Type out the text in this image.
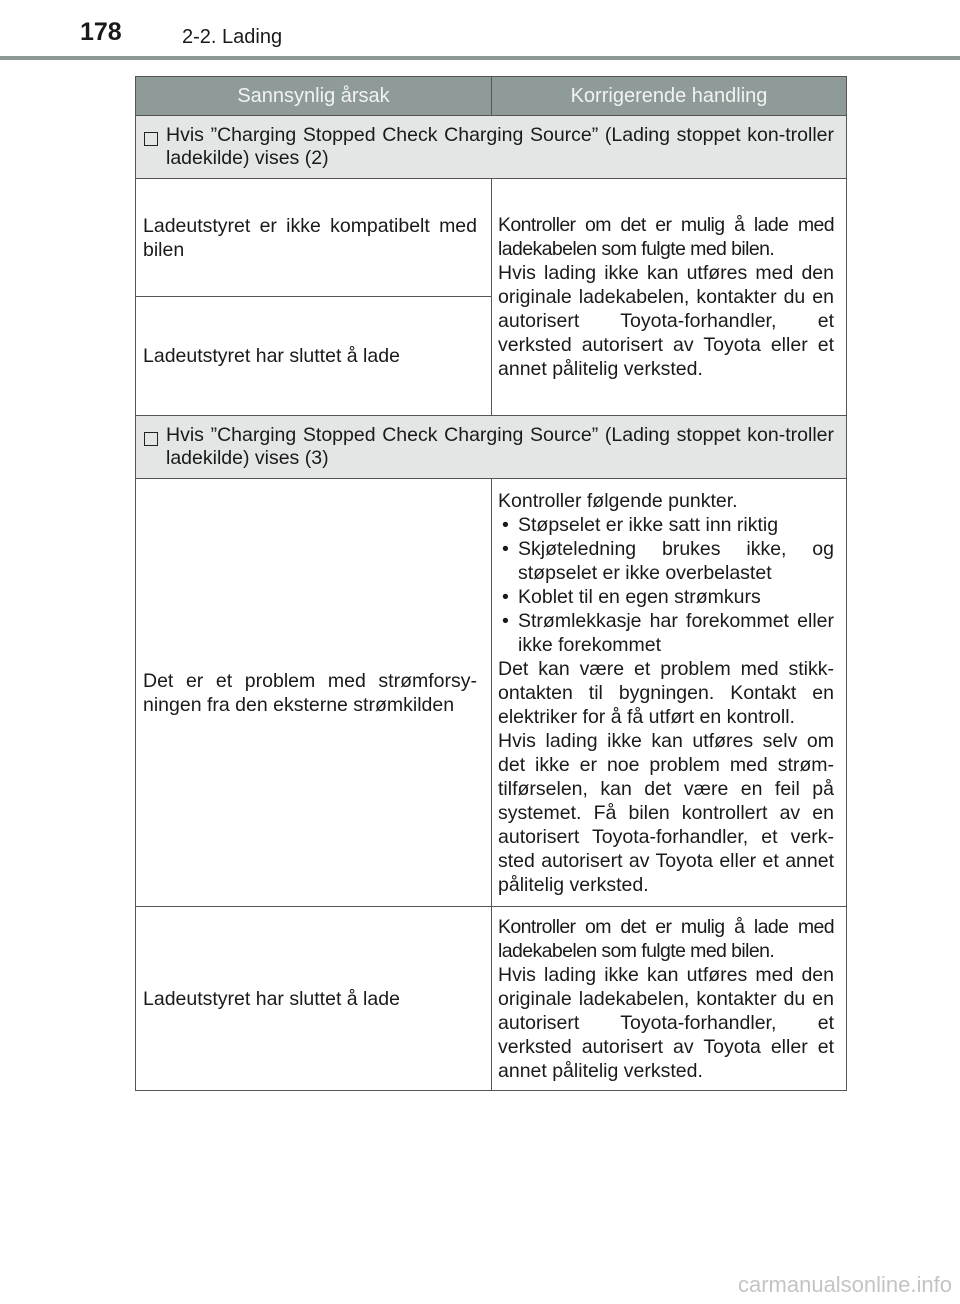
178	2-2. Lading
Sannsynlig årsak	Korrigerende handling
Hvis ”Charging Stopped Check Charging Source” (Lading stoppet kon-troller ladekilde) vises (2)
Ladeutstyret er ikke kompatibelt med bilen
Ladeutstyret har sluttet å lade

Kontroller om det er mulig å lade med ladekabelen som fulgte med bilen.

Hvis lading ikke kan utføres med den originale ladekabelen, kontakter du en autorisert Toyota-forhandler, et verksted autorisert av Toyota eller et annet pålitelig verksted.

Hvis ”Charging Stopped Check Charging Source” (Lading stoppet kon-troller ladekilde) vises (3)
Det er et problem med strømforsy-ningen fra den eksterne strømkilden

Kontroller følgende punkter.

• Støpselet er ikke satt inn riktig
• Skjøteledning brukes ikke, og støpselet er ikke overbelastet
• Koblet til en egen strømkurs
• Strømlekkasje har forekommet eller ikke forekommet

Det kan være et problem med stikk-ontakten til bygningen. Kontakt en elektriker for å få utført en kontroll.

Hvis lading ikke kan utføres selv om det ikke er noe problem med strøm-tilførselen, kan det være en feil på systemet. Få bilen kontrollert av en autorisert Toyota-forhandler, et verk-sted autorisert av Toyota eller et annet pålitelig verksted.

Ladeutstyret har sluttet å lade

Kontroller om det er mulig å lade med ladekabelen som fulgte med bilen.

Hvis lading ikke kan utføres med den originale ladekabelen, kontakter du en autorisert Toyota-forhandler, et verksted autorisert av Toyota eller et annet pålitelig verksted.

carmanualsonline.info
